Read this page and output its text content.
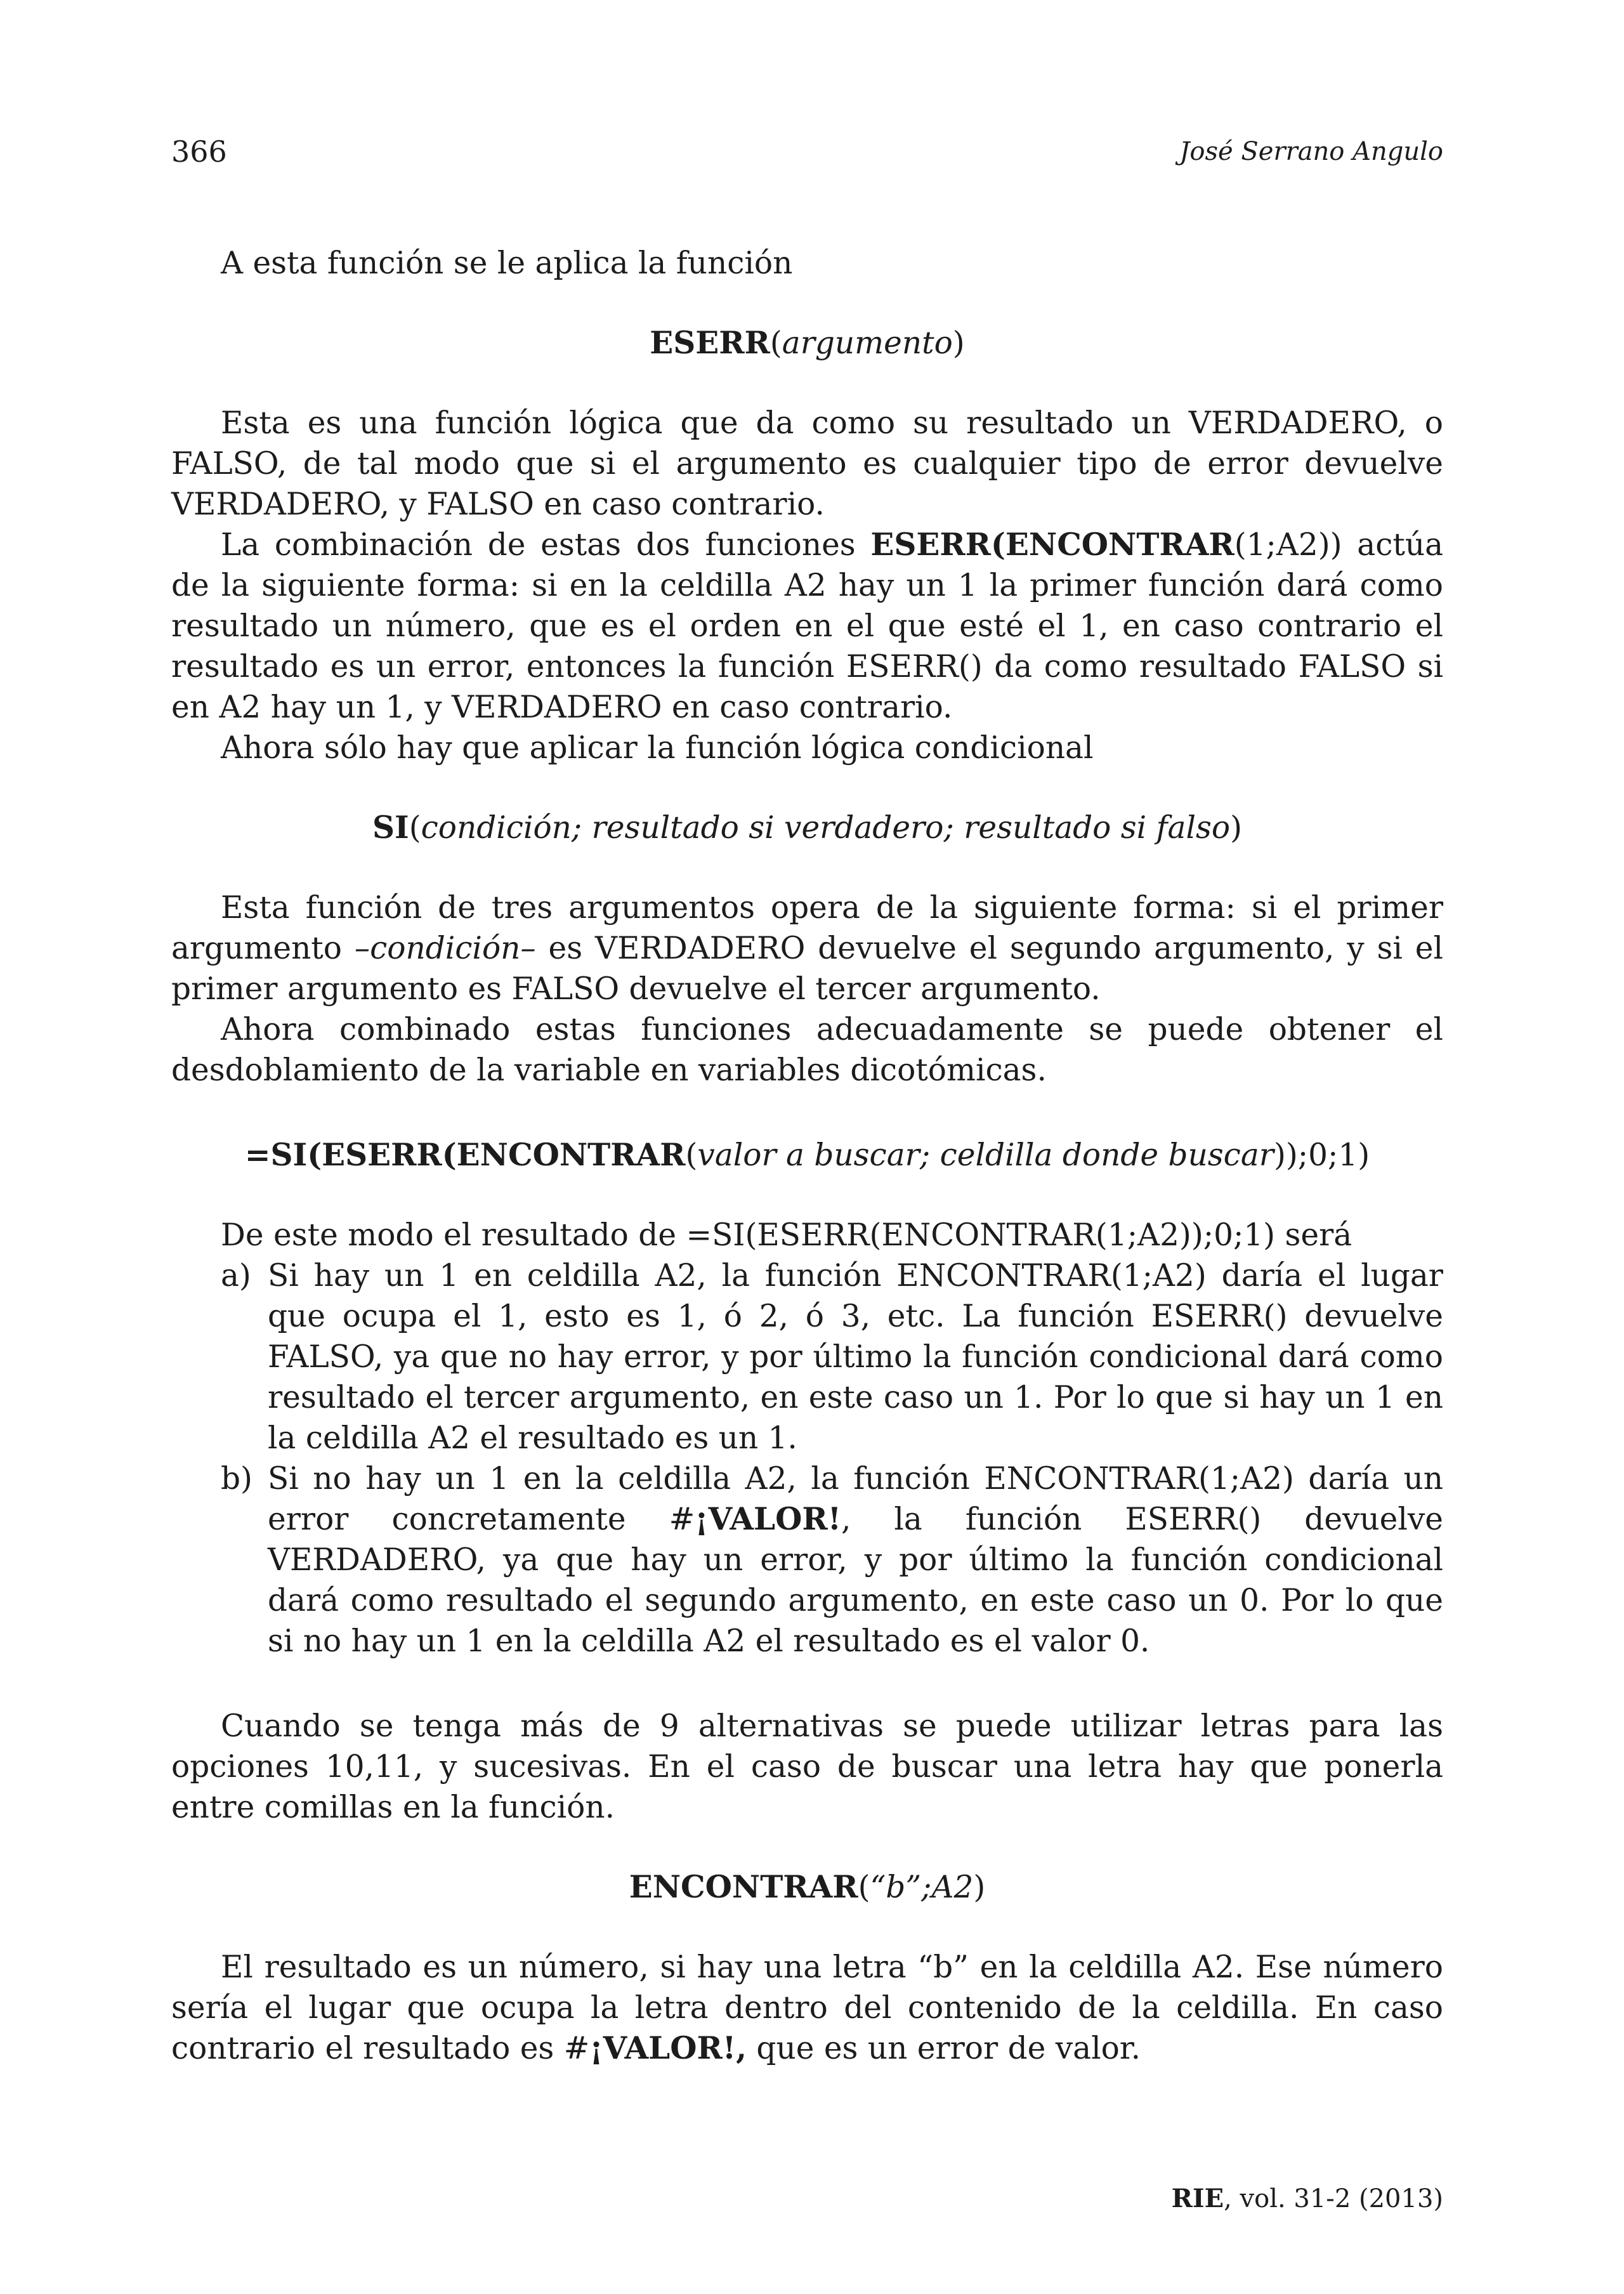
366	José Serrano Angulo

A esta función se le aplica la función

ESERR(argumento)

Esta es una función lógica que da como su resultado un VERDADERO, o FALSO, de tal modo que si el argumento es cualquier tipo de error devuelve VERDADERO, y FALSO en caso contrario.

La combinación de estas dos funciones ESERR(ENCONTRAR(1;A2)) actúa de la siguiente forma: si en la celdilla A2 hay un 1 la primer función dará como resultado un número, que es el orden en el que esté el 1, en caso contrario el resultado es un error, entonces la función ESERR() da como resultado FALSO si en A2 hay un 1, y VERDADERO en caso contrario.

Ahora sólo hay que aplicar la función lógica condicional

SI(condición; resultado si verdadero; resultado si falso)

Esta función de tres argumentos opera de la siguiente forma: si el primer argumento –condición– es VERDADERO devuelve el segundo argumento, y si el primer argumento es FALSO devuelve el tercer argumento.

Ahora combinado estas funciones adecuadamente se puede obtener el desdoblamiento de la variable en variables dicotómicas.

=SI(ESERR(ENCONTRAR(valor a buscar; celdilla donde buscar));0;1)

De este modo el resultado de =SI(ESERR(ENCONTRAR(1;A2));0;1) será

a) Si hay un 1 en celdilla A2, la función ENCONTRAR(1;A2) daría el lugar que ocupa el 1, esto es 1, ó 2, ó 3, etc. La función ESERR() devuelve FALSO, ya que no hay error, y por último la función condicional dará como resultado el tercer argumento, en este caso un 1. Por lo que si hay un 1 en la celdilla A2 el resultado es un 1.
b) Si no hay un 1 en la celdilla A2, la función ENCONTRAR(1;A2) daría un error concretamente #¡VALOR!, la función ESERR() devuelve VERDADERO, ya que hay un error, y por último la función condicional dará como resultado el segundo argumento, en este caso un 0. Por lo que si no hay un 1 en la celdilla A2 el resultado es el valor 0.

Cuando se tenga más de 9 alternativas se puede utilizar letras para las opciones 10,11, y sucesivas. En el caso de buscar una letra hay que ponerla entre comillas en la función.

ENCONTRAR(“b”;A2)

El resultado es un número, si hay una letra “b” en la celdilla A2. Ese número sería el lugar que ocupa la letra dentro del contenido de la celdilla. En caso contrario el resultado es #¡VALOR!, que es un error de valor.

RIE, vol. 31-2 (2013)
